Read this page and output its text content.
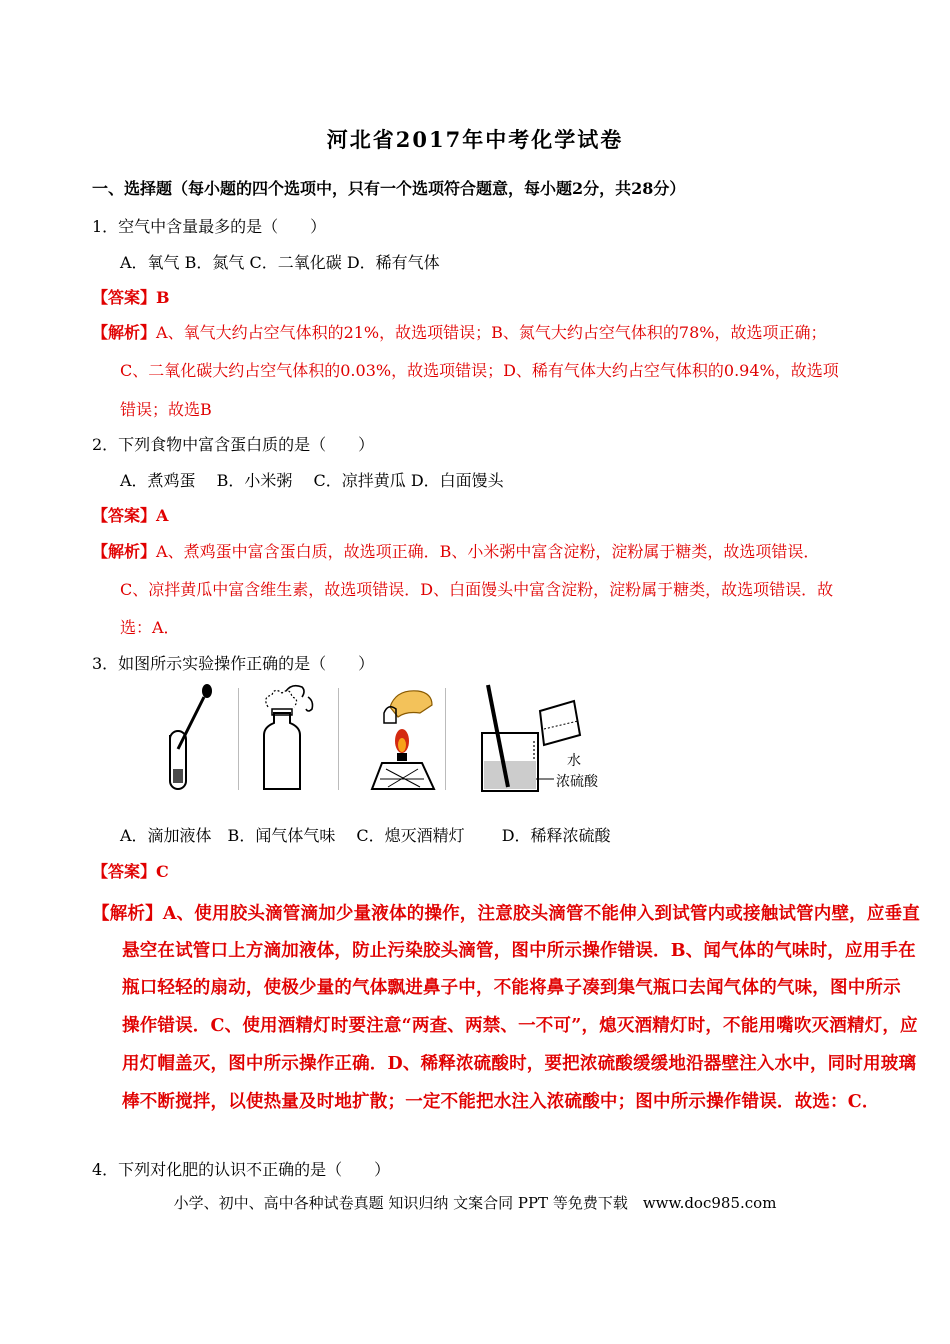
河北省2017年中考化学试卷
一、选择题（每小题的四个选项中，只有一个选项符合题意，每小题2分，共28分）
1．空气中含量最多的是（　　）
A．氧气 B．氮气 C．二氧化碳 D．稀有气体
【答案】B
【解析】A、氧气大约占空气体积的21%，故选项错误；B、氮气大约占空气体积的78%，故选项正确；
C、二氧化碳大约占空气体积的0.03%，故选项错误；D、稀有气体大约占空气体积的0.94%，故选项
错误；故选B
2．下列食物中富含蛋白质的是（　　）
A．煮鸡蛋　 B．小米粥　 C．凉拌黄瓜 D．白面馒头
【答案】A
【解析】A、煮鸡蛋中富含蛋白质，故选项正确．B、小米粥中富含淀粉，淀粉属于糖类，故选项错误．
C、凉拌黄瓜中富含维生素，故选项错误．D、白面馒头中富含淀粉，淀粉属于糖类，故选项错误．故
选：A．
3．如图所示实验操作正确的是（　　）
水
浓硫酸
A．滴加液体　B．闻气体气味　 C．熄灭酒精灯　　 D．稀释浓硫酸
【答案】C
【解析】A、使用胶头滴管滴加少量液体的操作，注意胶头滴管不能伸入到试管内或接触试管内壁，应垂直
悬空在试管口上方滴加液体，防止污染胶头滴管，图中所示操作错误．B、闻气体的气味时，应用手在
瓶口轻轻的扇动，使极少量的气体飘进鼻子中，不能将鼻子凑到集气瓶口去闻气体的气味，图中所示
操作错误．C、使用酒精灯时要注意“两查、两禁、一不可”，熄灭酒精灯时，不能用嘴吹灭酒精灯，应
用灯帽盖灭，图中所示操作正确．D、稀释浓硫酸时，要把浓硫酸缓缓地沿器壁注入水中，同时用玻璃
棒不断搅拌，以使热量及时地扩散；一定不能把水注入浓硫酸中；图中所示操作错误．故选：C．
4．下列对化肥的认识不正确的是（　　）
小学、初中、高中各种试卷真题 知识归纳 文案合同 PPT 等免费下载　www.doc985.com
